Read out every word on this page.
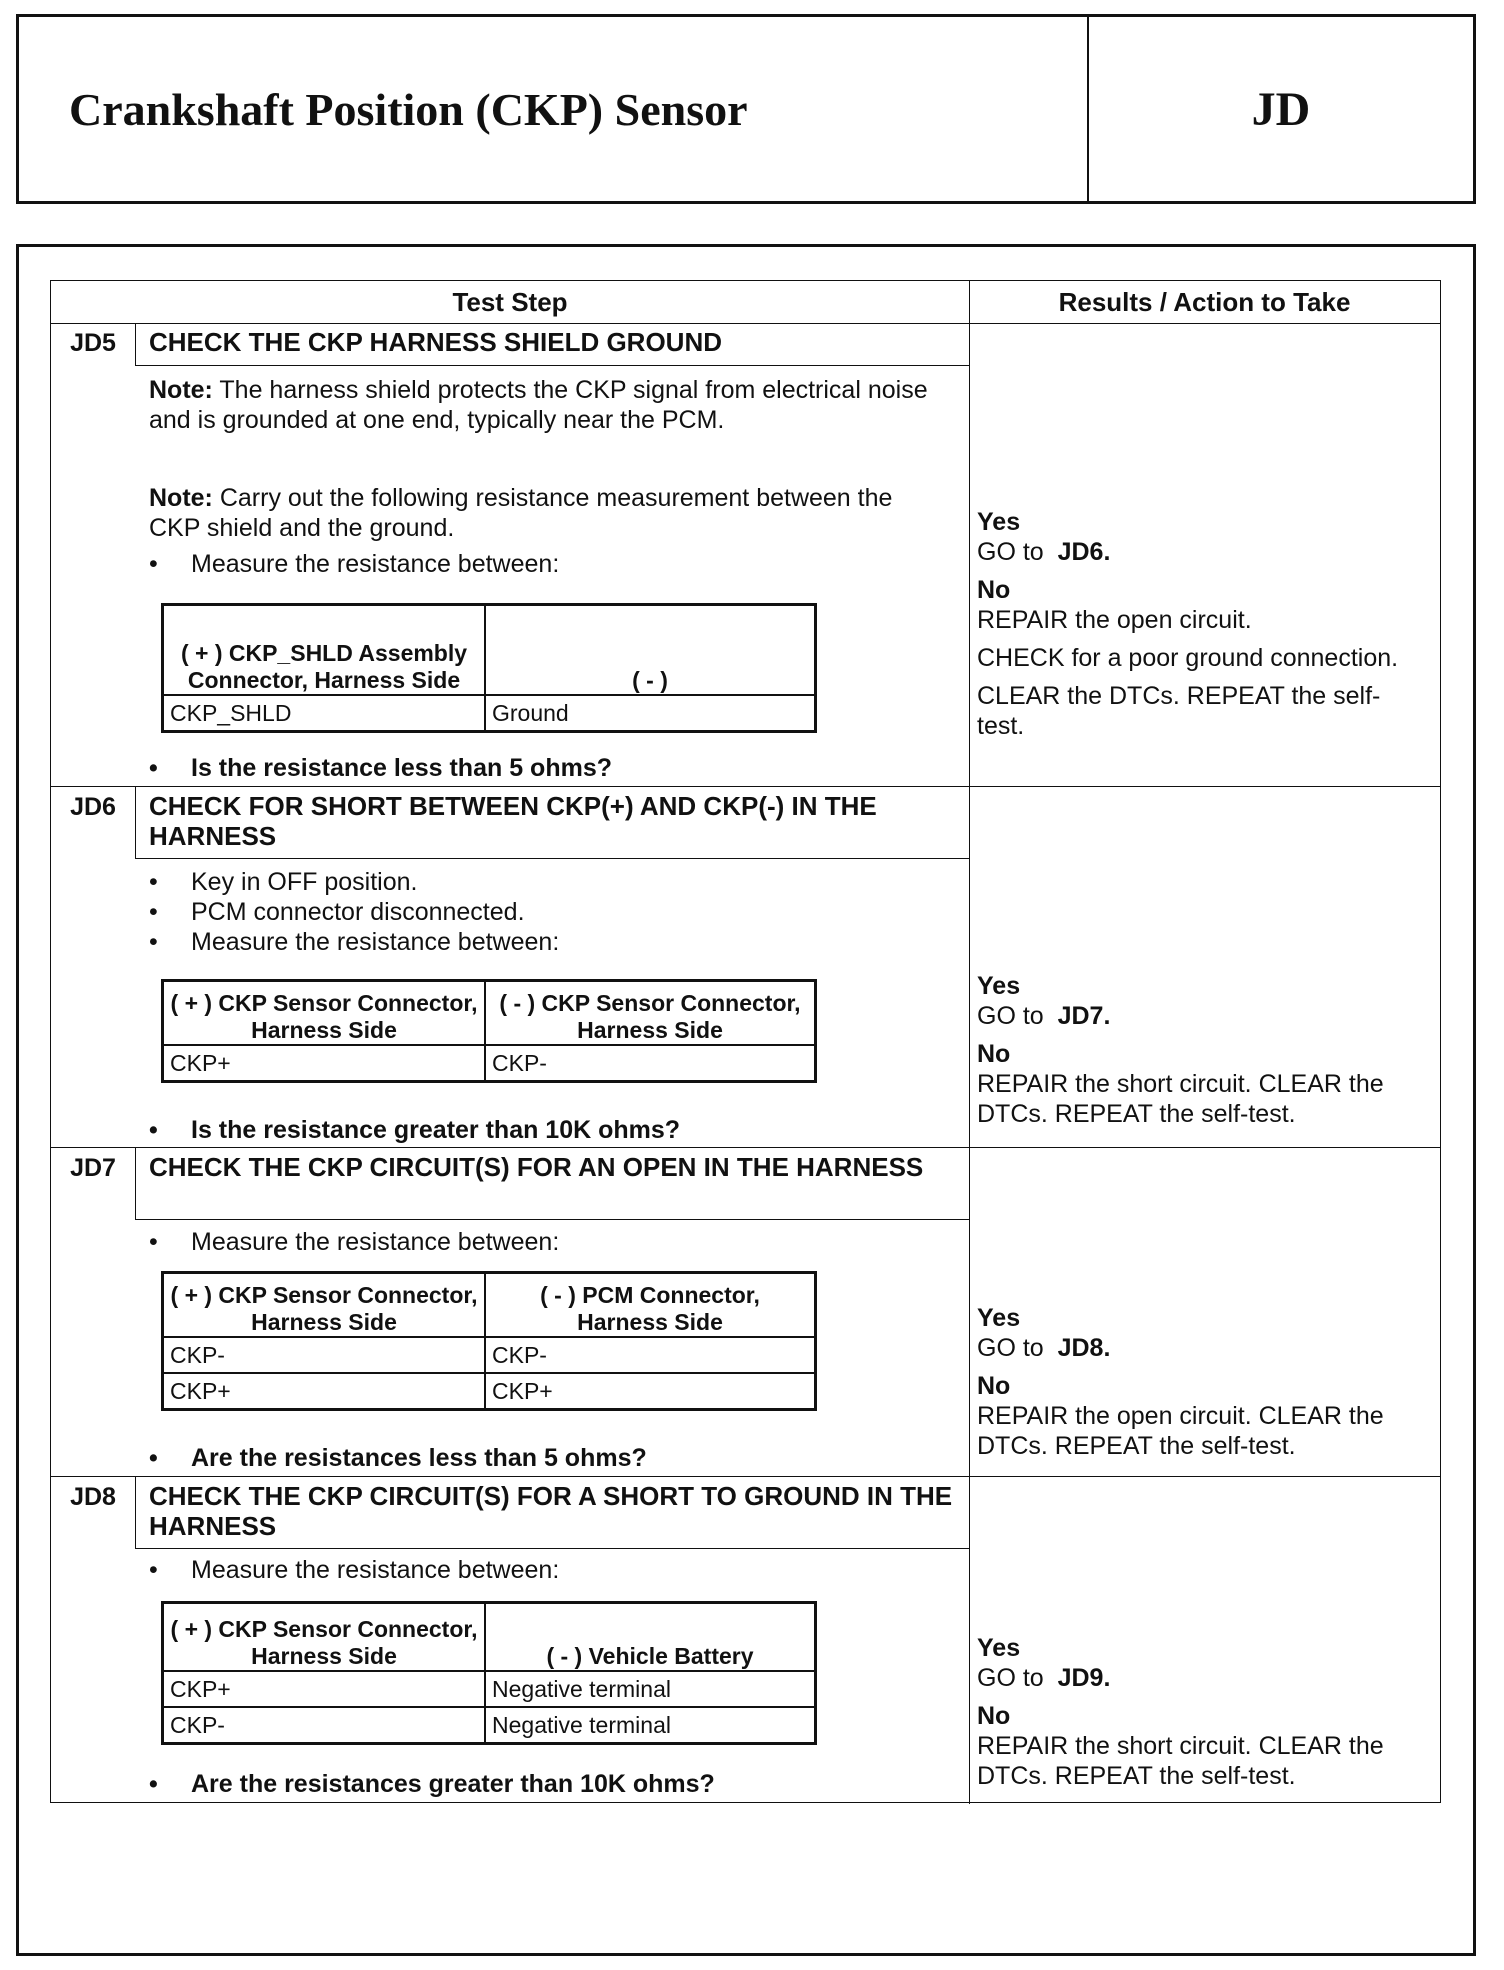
Crankshaft Position (CKP) Sensor	JD
Test Step	Results / Action to Take
JD5	CHECK THE CKP HARNESS SHIELD GROUND
Note: The harness shield protects the CKP signal from electrical noise and is grounded at one end, typically near the PCM.
Note: Carry out the following resistance measurement between the CKP shield and the ground.
• Measure the resistance between:
( + ) CKP_SHLD Assembly Connector, Harness Side	( - )
CKP_SHLD	Ground
• Is the resistance less than 5 ohms?
Yes

GO to JD6.

No

REPAIR the open circuit.

CHECK for a poor ground connection.

CLEAR the DTCs. REPEAT the self-test.

JD6	CHECK FOR SHORT BETWEEN CKP(+) AND CKP(-) IN THE HARNESS
• Key in OFF position.
• PCM connector disconnected.
• Measure the resistance between:
( + ) CKP Sensor Connector, Harness Side	( - ) CKP Sensor Connector, Harness Side
CKP+	CKP-
• Is the resistance greater than 10K ohms?
Yes

GO to JD7.

No

REPAIR the short circuit. CLEAR the DTCs. REPEAT the self-test.

JD7	CHECK THE CKP CIRCUIT(S) FOR AN OPEN IN THE HARNESS
• Measure the resistance between:
( + ) CKP Sensor Connector, Harness Side	( - ) PCM Connector, Harness Side
CKP-	CKP-
CKP+	CKP+
• Are the resistances less than 5 ohms?
Yes

GO to JD8.

No

REPAIR the open circuit. CLEAR the DTCs. REPEAT the self-test.

JD8	CHECK THE CKP CIRCUIT(S) FOR A SHORT TO GROUND IN THE HARNESS
• Measure the resistance between:
( + ) CKP Sensor Connector, Harness Side	( - ) Vehicle Battery
CKP+	Negative terminal
CKP-	Negative terminal
• Are the resistances greater than 10K ohms?
Yes

GO to JD9.

No

REPAIR the short circuit. CLEAR the DTCs. REPEAT the self-test.
